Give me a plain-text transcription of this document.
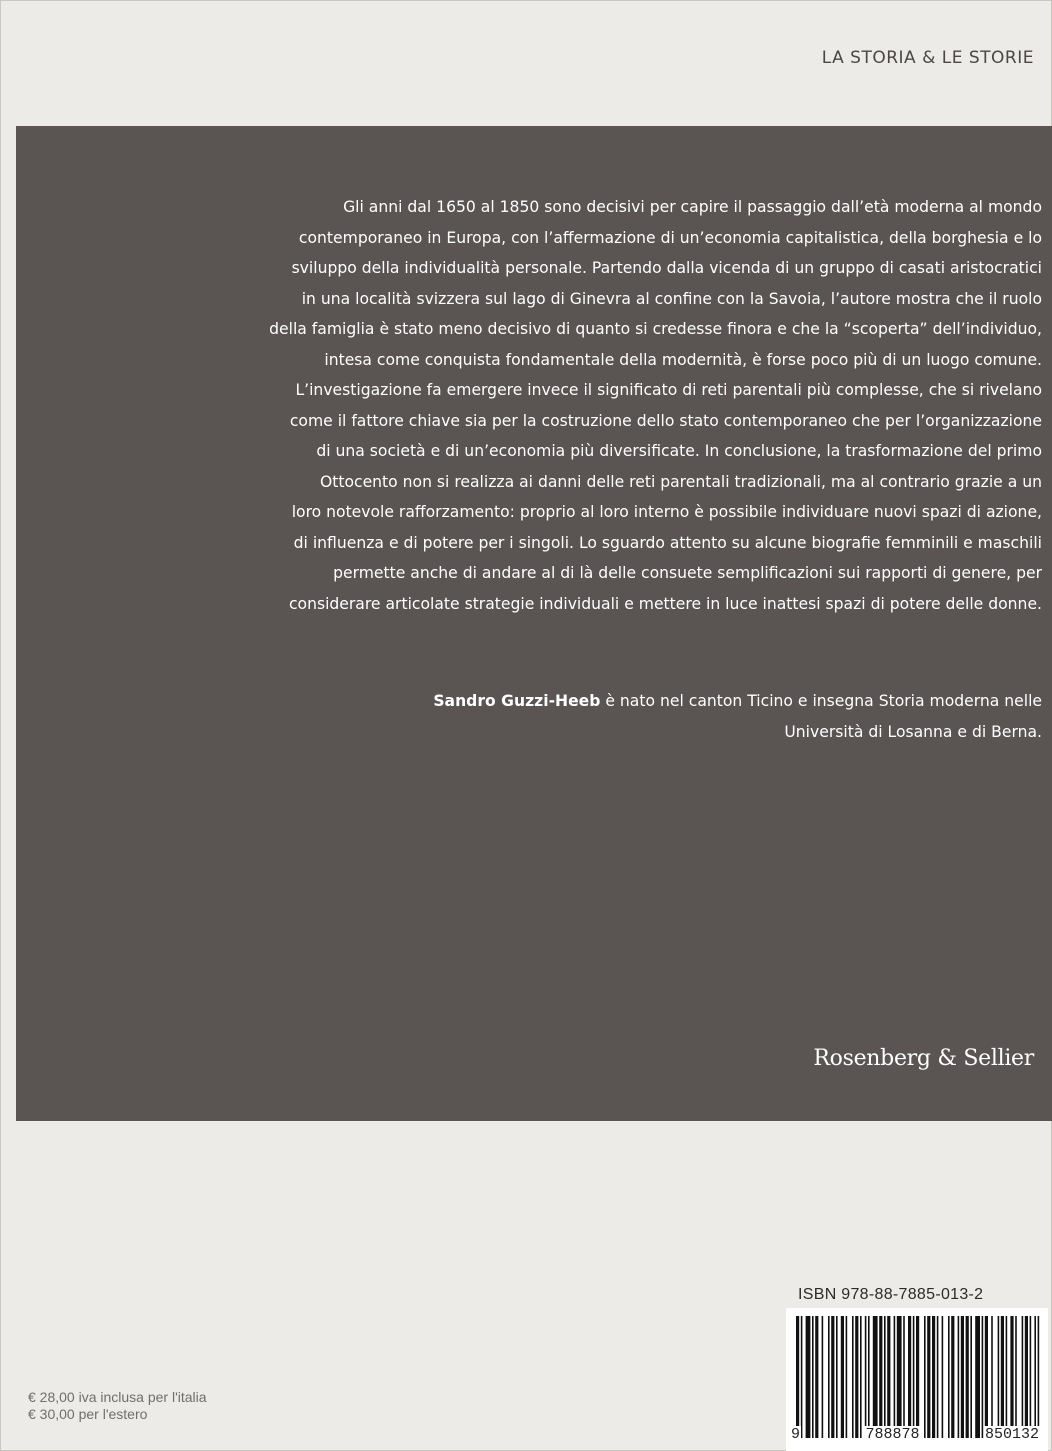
LA STORIA & LE STORIE

Gli anni dal 1650 al 1850 sono decisivi per capire il passaggio dall’età moderna al mondo
contemporaneo in Europa, con l’affermazione di un’economia capitalistica, della borghesia e lo
sviluppo della individualità personale. Partendo dalla vicenda di un gruppo di casati aristocratici
in una località svizzera sul lago di Ginevra al confine con la Savoia, l’autore mostra che il ruolo
della famiglia è stato meno decisivo di quanto si credesse finora e che la “scoperta” dell’individuo,
intesa come conquista fondamentale della modernità, è forse poco più di un luogo comune.
L’investigazione fa emergere invece il significato di reti parentali più complesse, che si rivelano
come il fattore chiave sia per la costruzione dello stato contemporaneo che per l’organizzazione
di una società e di un’economia più diversificate. In conclusione, la trasformazione del primo
Ottocento non si realizza ai danni delle reti parentali tradizionali, ma al contrario grazie a un
loro notevole rafforzamento: proprio al loro interno è possibile individuare nuovi spazi di azione,
di influenza e di potere per i singoli. Lo sguardo attento su alcune biografie femminili e maschili
permette anche di andare al di là delle consuete semplificazioni sui rapporti di genere, per
considerare articolate strategie individuali e mettere in luce inattesi spazi di potere delle donne.

Sandro Guzzi-Heeb è nato nel canton Ticino e insegna Storia moderna nelle
Università di Losanna e di Berna.
Rosenberg & Sellier
ISBN 978-88-7885-013-2
9	788878	850132
€ 28,00 iva inclusa per l'italia
€ 30,00 per l'estero
